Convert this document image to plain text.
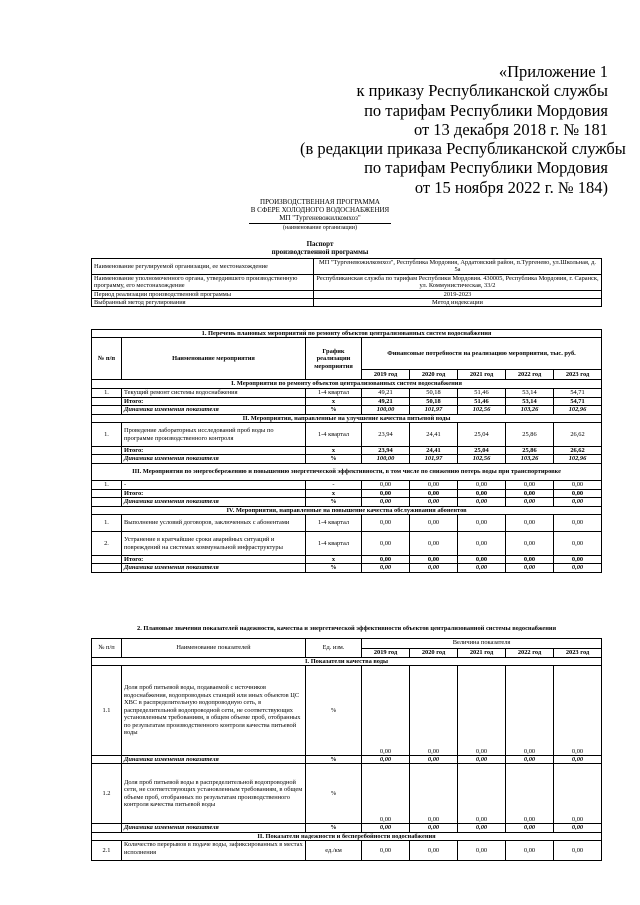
«Приложение 1
к приказу Республиканской службы
по тарифам Республики Мордовия
от 13 декабря 2018 г. № 181
(в редакции приказа Республиканской службы
по тарифам Республики Мордовия
от 15 ноября 2022 г. № 184)
ПРОИЗВОДСТВЕННАЯ ПРОГРАММА
В СФЕРЕ ХОЛОДНОГО ВОДОСНАБЖЕНИЯ
МП "Тургеневожилкомхоз"
(наименование организации)
Паспорт
производственной программы
Наименование регулируемой организации, ее местонахождение	МП "Тургеневожилкомхоз", Республика Мордовия, Ардатовский район, п.Тургенево, ул.Школьная, д. 5а
Наименование уполномоченного органа, утвердившего производственную программу, его местонахождение	Республиканская служба по тарифам Республики Мордовия. 430005, Республика Мордовия, г. Саранск, ул. Коммунистическая, 33/2
Период реализации производственной программы	2019-2023
Выбранный метод регулирования	Метод индексации
1. Перечень плановых мероприятий по ремонту объектов централизованных систем водоснабжения							
№ п/п	Наименование мероприятия	График реализации мероприятия	Финансовые потребности на реализацию мероприятия, тыс. руб.				
			2019 год	2020 год	2021 год	2022 год	2023 год
I. Мероприятия по ремонту объектов централизованных систем водоснабжения							
1.	Текущий ремонт системы водоснабжения	1-4 квартал	49,21	50,18	51,46	53,14	54,71
	Итого:	х	49,21	50,18	51,46	53,14	54,71
	Динамика изменения показателя	%	100,00	101,97	102,56	103,26	102,96
II. Мероприятия, направленные на улучшение качества питьевой воды							
1.	Проведение лабораторных исследований проб воды по программе производственного контроля	1-4 квартал	23,94	24,41	25,04	25,86	26,62
	Итого:	х	23,94	24,41	25,04	25,86	26,62
	Динамика изменения показателя	%	100,00	101,97	102,56	103,26	102,96
III. Мероприятия по энергосбережению и повышению энергетической эффективности, в том числе по снижению потерь воды при транспортировке							
1.	-	-	0,00	0,00	0,00	0,00	0,00
	Итого:	х	0,00	0,00	0,00	0,00	0,00
	Динамика изменения показателя	%	0,00	0,00	0,00	0,00	0,00
IV. Мероприятия, направленные на повышение качества обслуживания абонентов							
1.	Выполнение условий договоров, заключенных с абонентами	1-4 квартал	0,00	0,00	0,00	0,00	0,00
2.	Устранение в кратчайшие сроки аварийных ситуаций и повреждений на системах коммунальной инфраструктуры	1-4 квартал	0,00	0,00	0,00	0,00	0,00
	Итого:	х	0,00	0,00	0,00	0,00	0,00
	Динамика изменения показателя	%	0,00	0,00	0,00	0,00	0,00
2. Плановые значения показателей надежности, качества и энергетической эффективности объектов централизованной системы водоснабжения							
№ п/п	Наименование показателей	Ед. изм.	Величина показателя				
			2019 год	2020 год	2021 год	2022 год	2023 год
I. Показатели качества воды							
1.1	Доля проб питьевой воды, подаваемой с источников водоснабжения, водопроводных станций или иных объектов ЦС ХВС в распределительную водопроводную сеть, в распределительной водопроводной сети, не соответствующих установленным требованиям, в общем объеме проб, отобранных по результатам производственного контроля качества питьевой воды	%	0,00	0,00	0,00	0,00	0,00
	Динамика изменения показателя	%	0,00	0,00	0,00	0,00	0,00
1.2	Доля проб питьевой воды в распределительной водопроводной сети, не соответствующих установленным требованиям, в общем объеме проб, отобранных по результатам производственного контроля качества питьевой воды	%	0,00	0,00	0,00	0,00	0,00
	Динамика изменения показателя	%	0,00	0,00	0,00	0,00	0,00
II. Показатели надежности и бесперебойности водоснабжения							
2.1	Количество перерывов в подаче воды, зафиксированных в местах исполнения	ед./км	0,00	0,00	0,00	0,00	0,00
